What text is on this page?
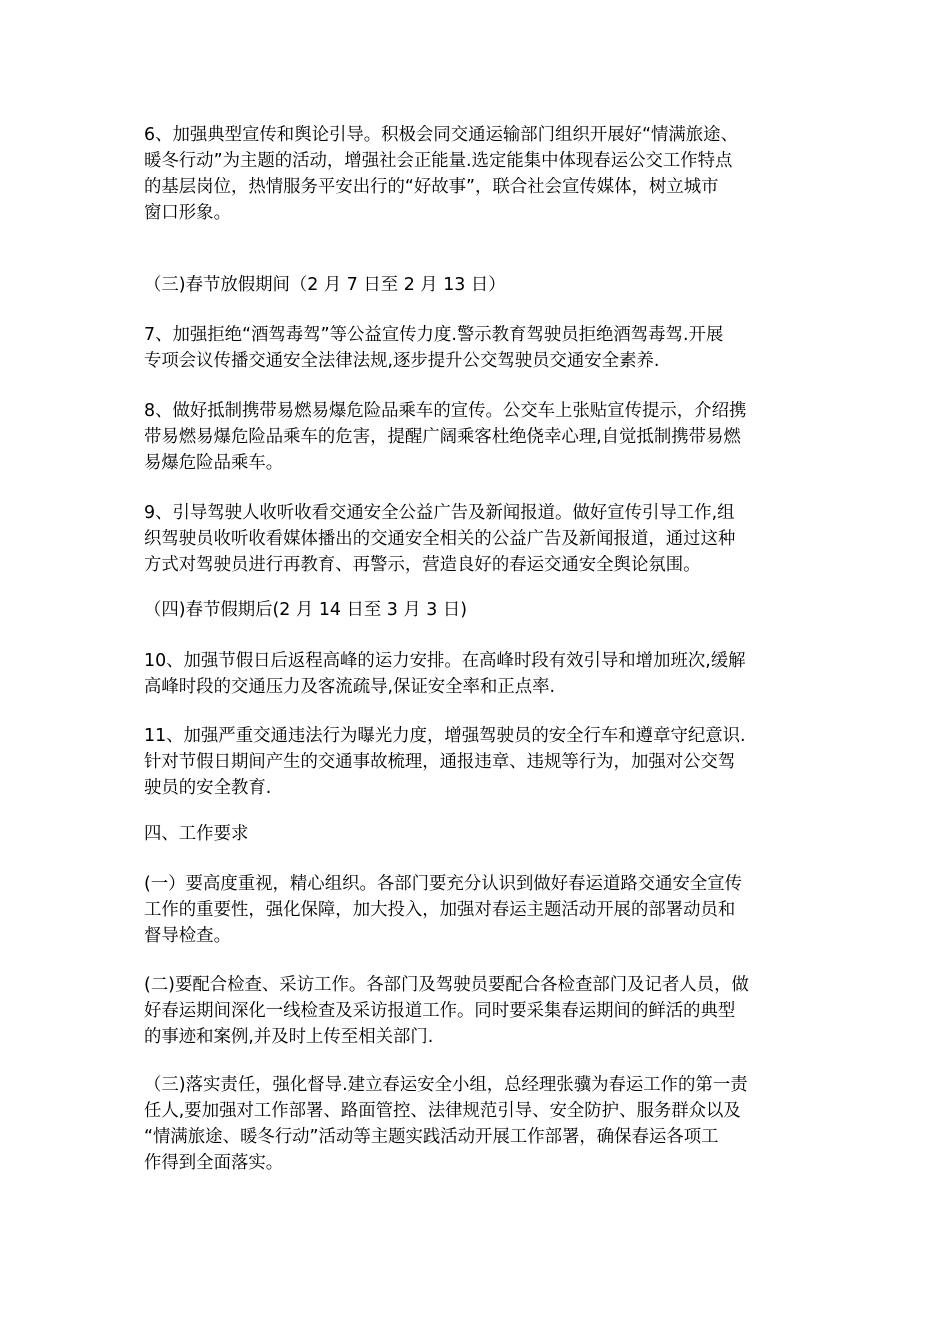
6、加强典型宣传和舆论引导。积极会同交通运输部门组织开展好“情满旅途、
暖冬行动”为主题的活动，增强社会正能量.选定能集中体现春运公交工作特点
的基层岗位，热情服务平安出行的“好故事”，联合社会宣传媒体，树立城市
窗口形象。
（三)春节放假期间（2 月 7 日至 2 月 13 日）
7、加强拒绝“酒驾毒驾”等公益宣传力度.警示教育驾驶员拒绝酒驾毒驾.开展
专项会议传播交通安全法律法规,逐步提升公交驾驶员交通安全素养.
8、做好抵制携带易燃易爆危险品乘车的宣传。公交车上张贴宣传提示，介绍携
带易燃易爆危险品乘车的危害，提醒广阔乘客杜绝侥幸心理,自觉抵制携带易燃
易爆危险品乘车。
9、引导驾驶人收听收看交通安全公益广告及新闻报道。做好宣传引导工作,组
织驾驶员收听收看媒体播出的交通安全相关的公益广告及新闻报道，通过这种
方式对驾驶员进行再教育、再警示，营造良好的春运交通安全舆论氛围。
（四)春节假期后(2 月 14 日至 3 月 3 日)
10、加强节假日后返程高峰的运力安排。在高峰时段有效引导和增加班次,缓解
高峰时段的交通压力及客流疏导,保证安全率和正点率.
11、加强严重交通违法行为曝光力度，增强驾驶员的安全行车和遵章守纪意识.
针对节假日期间产生的交通事故梳理，通报违章、违规等行为，加强对公交驾
驶员的安全教育.
四、工作要求
(一）要高度重视，精心组织。各部门要充分认识到做好春运道路交通安全宣传
工作的重要性，强化保障，加大投入，加强对春运主题活动开展的部署动员和
督导检查。
(二)要配合检查、采访工作。各部门及驾驶员要配合各检查部门及记者人员，做
好春运期间深化一线检查及采访报道工作。同时要采集春运期间的鲜活的典型
的事迹和案例,并及时上传至相关部门.
（三)落实责任，强化督导.建立春运安全小组，总经理张骥为春运工作的第一责
任人,要加强对工作部署、路面管控、法律规范引导、安全防护、服务群众以及
“情满旅途、暖冬行动”活动等主题实践活动开展工作部署，确保春运各项工
作得到全面落实。
